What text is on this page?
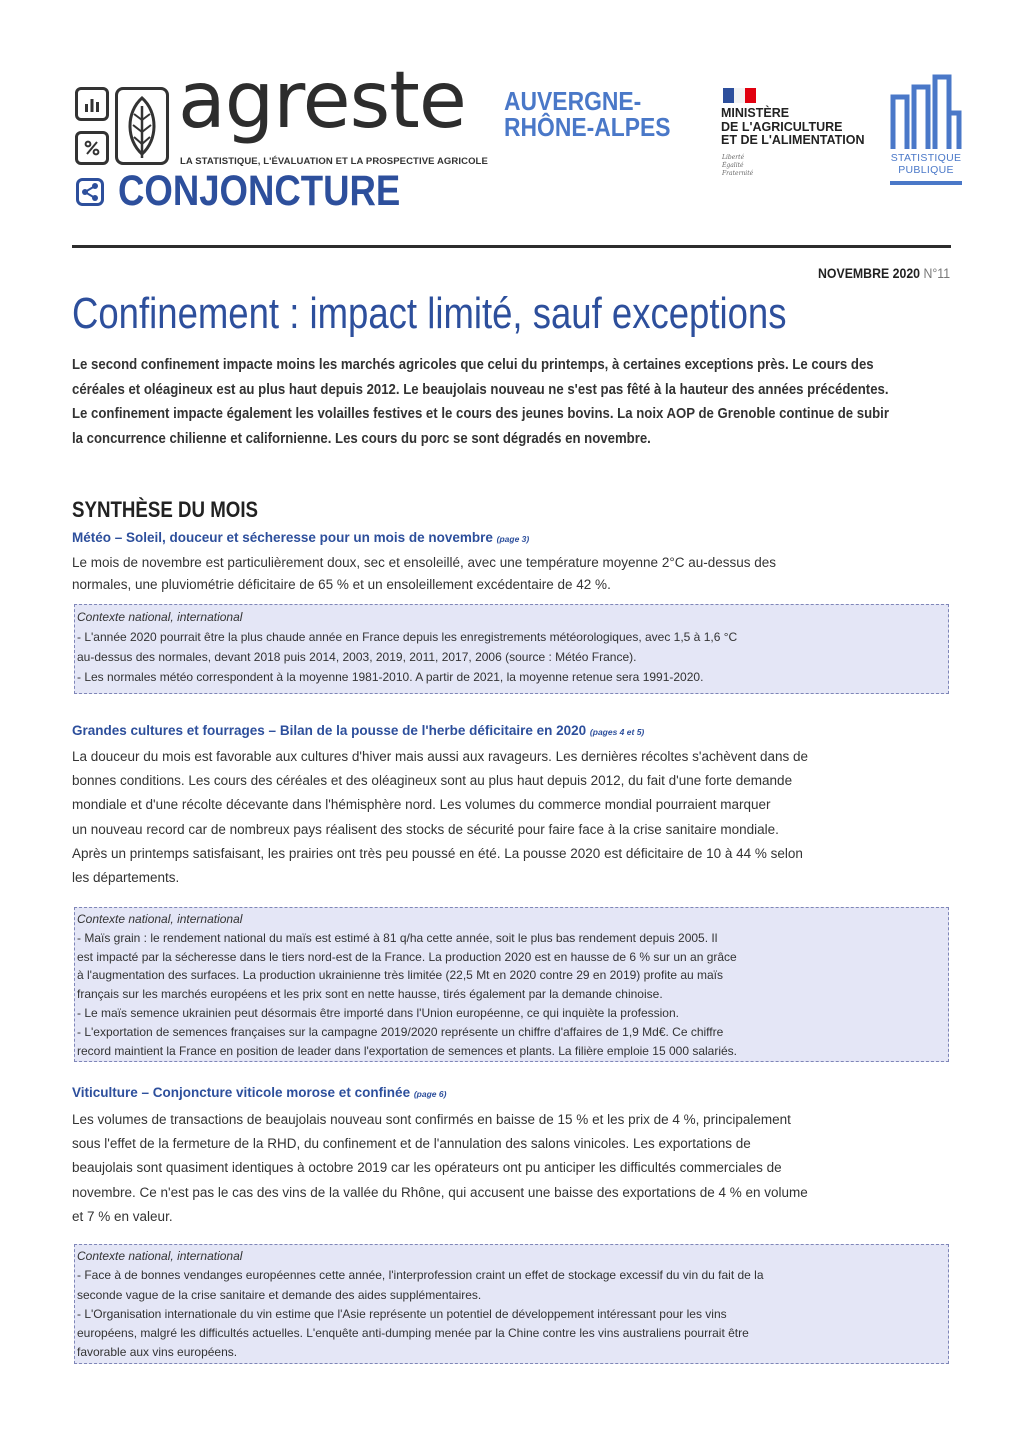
agreste
LA STATISTIQUE, L'ÉVALUATION ET LA PROSPECTIVE AGRICOLE
CONJONCTURE
AUVERGNE-
RHÔNE-ALPES	MINISTÈRE
DE L'AGRICULTURE
ET DE L'ALIMENTATION
Liberté
Égalité
Fraternité
STATISTIQUE
PUBLIQUE
NOVEMBRE 2020 N°11
Confinement : impact limité, sauf exceptions
Le second confinement impacte moins les marchés agricoles que celui du printemps, à certaines exceptions près. Le cours des
céréales et oléagineux est au plus haut depuis 2012. Le beaujolais nouveau ne s'est pas fêté à la hauteur des années précédentes.
Le confinement impacte également les volailles festives et le cours des jeunes bovins. La noix AOP de Grenoble continue de subir
la concurrence chilienne et californienne. Les cours du porc se sont dégradés en novembre.
SYNTHÈSE DU MOIS
Météo – Soleil, douceur et sécheresse pour un mois de novembre (page 3)
Le mois de novembre est particulièrement doux, sec et ensoleillé, avec une température moyenne 2°C au-dessus des
normales, une pluviométrie déficitaire de 65 % et un ensoleillement excédentaire de 42 %.
Contexte national, international
- L'année 2020 pourrait être la plus chaude année en France depuis les enregistrements météorologiques, avec 1,5 à 1,6 °C
au-dessus des normales, devant 2018 puis 2014, 2003, 2019, 2011, 2017, 2006 (source : Météo France).
- Les normales météo correspondent à la moyenne 1981-2010. A partir de 2021, la moyenne retenue sera 1991-2020.
Grandes cultures et fourrages – Bilan de la pousse de l'herbe déficitaire en 2020 (pages 4 et 5)
La douceur du mois est favorable aux cultures d'hiver mais aussi aux ravageurs. Les dernières récoltes s'achèvent dans de
bonnes conditions. Les cours des céréales et des oléagineux sont au plus haut depuis 2012, du fait d'une forte demande
mondiale et d'une récolte décevante dans l'hémisphère nord. Les volumes du commerce mondial pourraient marquer
un nouveau record car de nombreux pays réalisent des stocks de sécurité pour faire face à la crise sanitaire mondiale.
Après un printemps satisfaisant, les prairies ont très peu poussé en été. La pousse 2020 est déficitaire de 10 à 44 % selon
les départements.
Contexte national, international
- Maïs grain : le rendement national du maïs est estimé à 81 q/ha cette année, soit le plus bas rendement depuis 2005. Il
est impacté par la sécheresse dans le tiers nord-est de la France. La production 2020 est en hausse de 6 % sur un an grâce
à l'augmentation des surfaces. La production ukrainienne très limitée (22,5 Mt en 2020 contre 29 en 2019) profite au maïs
français sur les marchés européens et les prix sont en nette hausse, tirés également par la demande chinoise.
- Le maïs semence ukrainien peut désormais être importé dans l'Union européenne, ce qui inquiète la profession.
- L'exportation de semences françaises sur la campagne 2019/2020 représente un chiffre d'affaires de 1,9 Md€. Ce chiffre
record maintient la France en position de leader dans l'exportation de semences et plants. La filière emploie 15 000 salariés.
Viticulture – Conjoncture viticole morose et confinée (page 6)
Les volumes de transactions de beaujolais nouveau sont confirmés en baisse de 15 % et les prix de 4 %, principalement
sous l'effet de la fermeture de la RHD, du confinement et de l'annulation des salons vinicoles. Les exportations de
beaujolais sont quasiment identiques à octobre 2019 car les opérateurs ont pu anticiper les difficultés commerciales de
novembre. Ce n'est pas le cas des vins de la vallée du Rhône, qui accusent une baisse des exportations de 4 % en volume
et 7 % en valeur.
Contexte national, international
- Face à de bonnes vendanges européennes cette année, l'interprofession craint un effet de stockage excessif du vin du fait de la
seconde vague de la crise sanitaire et demande des aides supplémentaires.
- L'Organisation internationale du vin estime que l'Asie représente un potentiel de développement intéressant pour les vins
européens, malgré les difficultés actuelles. L'enquête anti-dumping menée par la Chine contre les vins australiens pourrait être
favorable aux vins européens.
